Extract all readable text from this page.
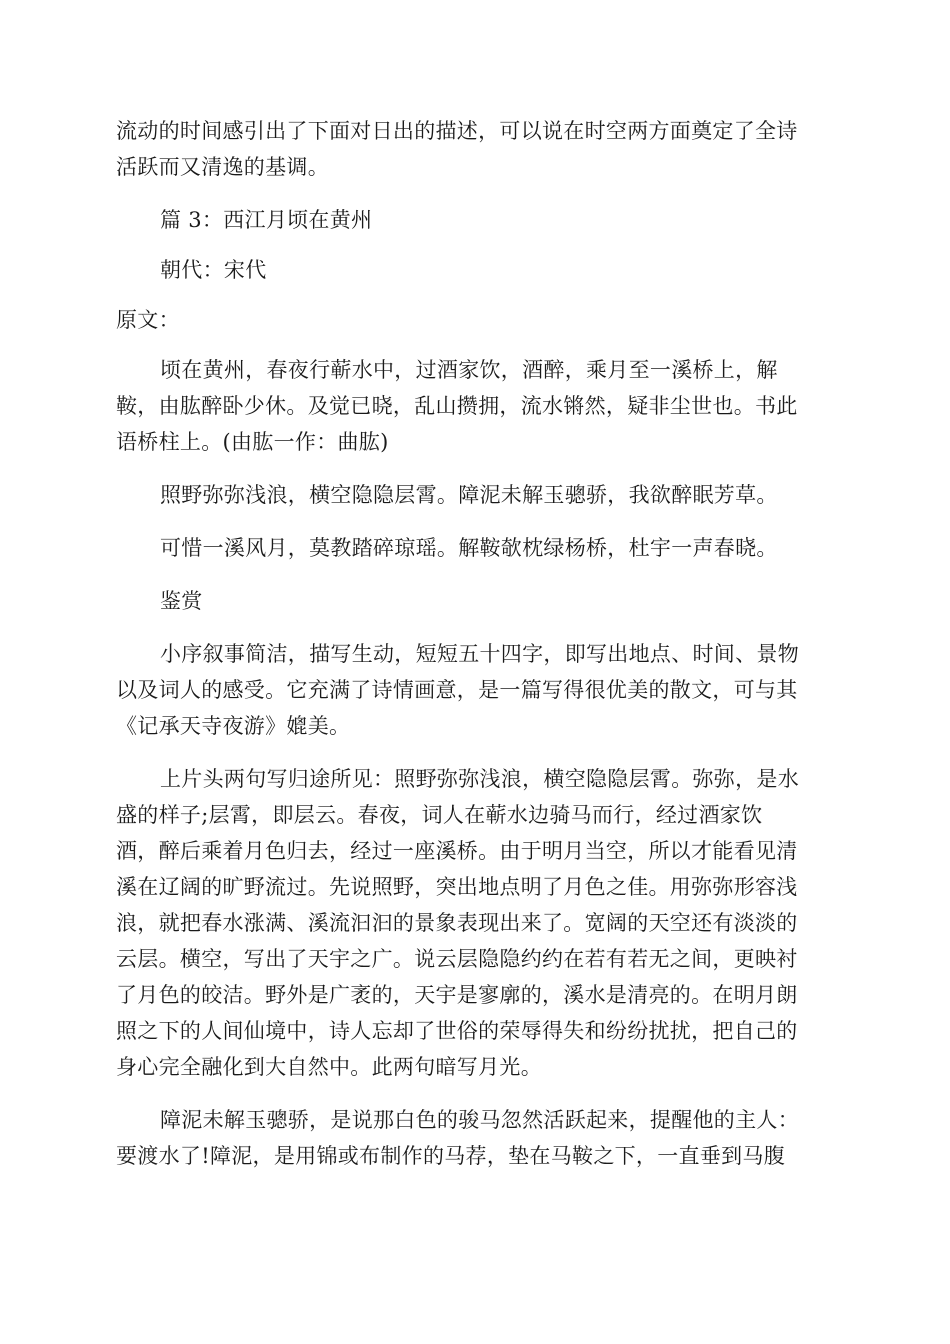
流动的时间感引出了下面对日出的描述，可以说在时空两方面奠定了全诗
活跃而又清逸的基调。

篇 3：西江月顷在黄州

朝代：宋代

原文：

顷在黄州，春夜行蕲水中，过酒家饮，酒醉，乘月至一溪桥上，解
鞍，由肱醉卧少休。及觉已晓，乱山攒拥，流水锵然，疑非尘世也。书此
语桥柱上。(由肱一作：曲肱)

照野弥弥浅浪，横空隐隐层霄。障泥未解玉骢骄，我欲醉眠芳草。

可惜一溪风月，莫教踏碎琼瑶。解鞍欹枕绿杨桥，杜宇一声春晓。

鉴赏

小序叙事简洁，描写生动，短短五十四字，即写出地点、时间、景物
以及词人的感受。它充满了诗情画意，是一篇写得很优美的散文，可与其
《记承天寺夜游》媲美。

上片头两句写归途所见：照野弥弥浅浪，横空隐隐层霄。弥弥，是水
盛的样子;层霄，即层云。春夜，词人在蕲水边骑马而行，经过酒家饮
酒，醉后乘着月色归去，经过一座溪桥。由于明月当空，所以才能看见清
溪在辽阔的旷野流过。先说照野，突出地点明了月色之佳。用弥弥形容浅
浪，就把春水涨满、溪流汩汩的景象表现出来了。宽阔的天空还有淡淡的
云层。横空，写出了天宇之广。说云层隐隐约约在若有若无之间，更映衬
了月色的皎洁。野外是广袤的，天宇是寥廓的，溪水是清亮的。在明月朗
照之下的人间仙境中，诗人忘却了世俗的荣辱得失和纷纷扰扰，把自己的
身心完全融化到大自然中。此两句暗写月光。

障泥未解玉骢骄，是说那白色的骏马忽然活跃起来，提醒他的主人：
要渡水了!障泥，是用锦或布制作的马荐，垫在马鞍之下，一直垂到马腹
